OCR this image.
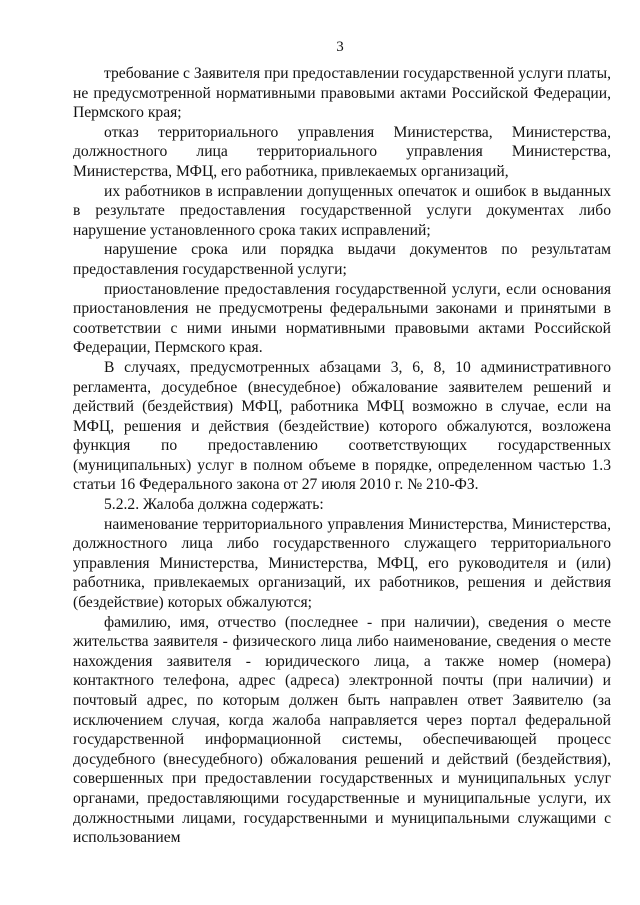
3

требование с Заявителя при предоставлении государственной услуги платы, не предусмотренной нормативными правовыми актами Российской Федерации, Пермского края;

отказ территориального управления Министерства, Министерства, должностного лица территориального управления Министерства, Министерства, МФЦ, его работника, привлекаемых организаций,

их работников в исправлении допущенных опечаток и ошибок в выданных в результате предоставления государственной услуги документах либо нарушение установленного срока таких исправлений;

нарушение срока или порядка выдачи документов по результатам предоставления государственной услуги;

приостановление предоставления государственной услуги, если основания приостановления не предусмотрены федеральными законами и принятыми в соответствии с ними иными нормативными правовыми актами Российской Федерации, Пермского края.

В случаях, предусмотренных абзацами 3, 6, 8, 10 административного регламента, досудебное (внесудебное) обжалование заявителем решений и действий (бездействия) МФЦ, работника МФЦ возможно в случае, если на МФЦ, решения и действия (бездействие) которого обжалуются, возложена функция по предоставлению соответствующих государственных (муниципальных) услуг в полном объеме в порядке, определенном частью 1.3 статьи 16 Федерального закона от 27 июля 2010 г. № 210-ФЗ.

5.2.2. Жалоба должна содержать:

наименование территориального управления Министерства, Министерства, должностного лица либо государственного служащего территориального управления Министерства, Министерства, МФЦ, его руководителя и (или) работника, привлекаемых организаций, их работников, решения и действия (бездействие) которых обжалуются;

фамилию, имя, отчество (последнее - при наличии), сведения о месте жительства заявителя - физического лица либо наименование, сведения о месте нахождения заявителя - юридического лица, а также номер (номера) контактного телефона, адрес (адреса) электронной почты (при наличии) и почтовый адрес, по которым должен быть направлен ответ Заявителю (за исключением случая, когда жалоба направляется через портал федеральной государственной информационной системы, обеспечивающей процесс досудебного (внесудебного) обжалования решений и действий (бездействия), совершенных при предоставлении государственных и муниципальных услуг органами, предоставляющими государственные и муниципальные услуги, их должностными лицами, государственными и муниципальными служащими с использованием
